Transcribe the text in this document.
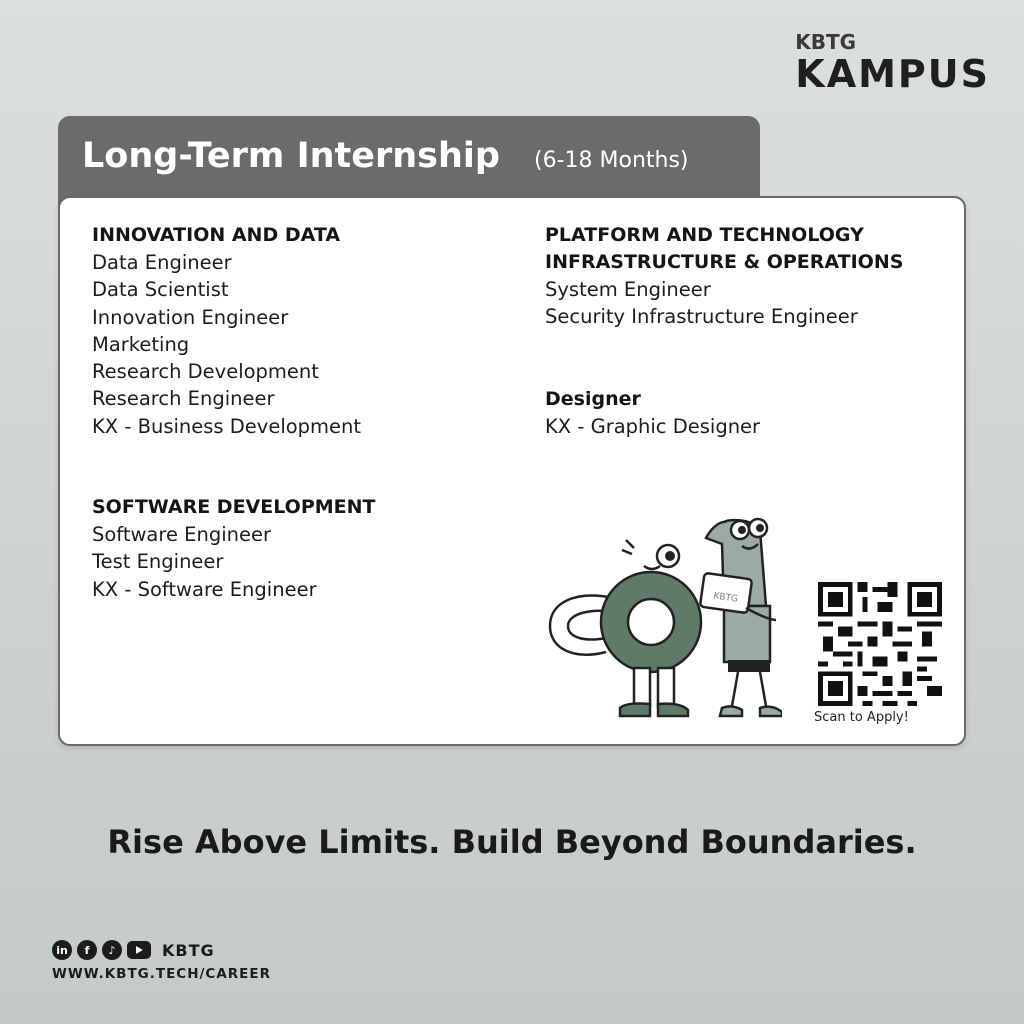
KBTG
KAMPUS
Long-Term Internship (6-18 Months)
INNOVATION AND DATA
Data Engineer
Data Scientist
Innovation Engineer
Marketing
Research Development
Research Engineer
KX - Business Development
SOFTWARE DEVELOPMENT
Software Engineer
Test Engineer
KX - Software Engineer
PLATFORM AND TECHNOLOGY
INFRASTRUCTURE & OPERATIONS
System Engineer
Security Infrastructure Engineer
Designer
KX - Graphic Designer
KBTG
Scan to Apply!
Rise Above Limits. Build Beyond Boundaries.
in	f	♪	KBTG
WWW.KBTG.TECH/CAREER
